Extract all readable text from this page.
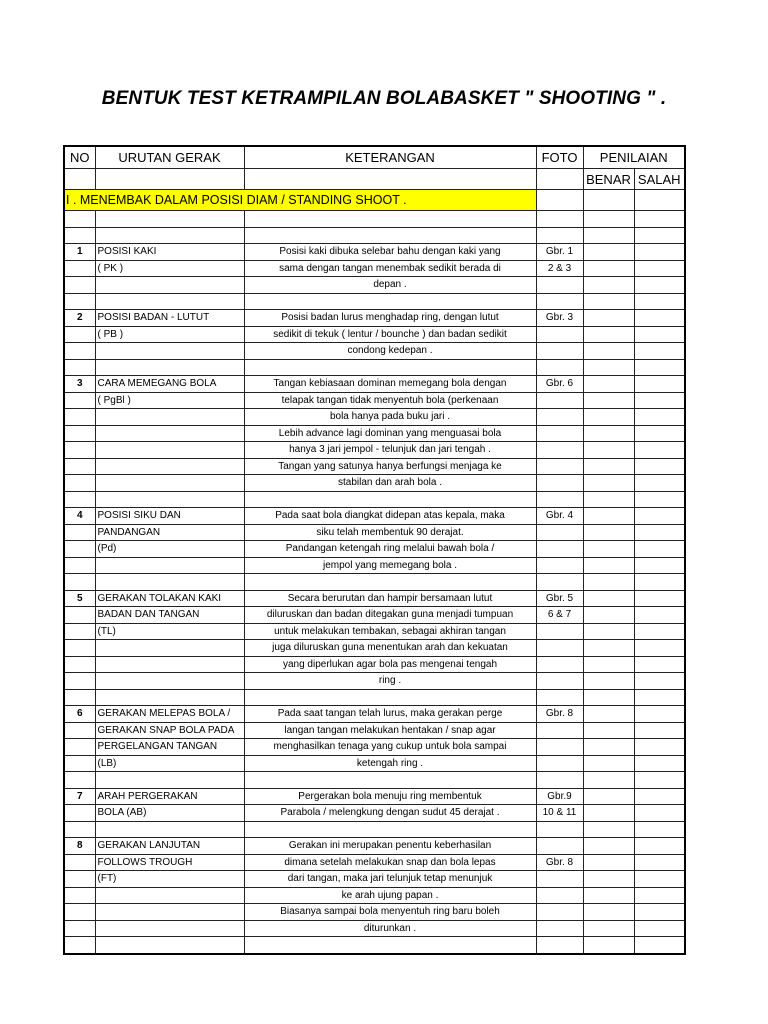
BENTUK TEST KETRAMPILAN BOLABASKET " SHOOTING " .
NO	URUTAN GERAK	KETERANGAN	FOTO	PENILAIAN	
				BENAR	SALAH
I . MENEMBAK DALAM POSISI DIAM / STANDING SHOOT .					

1	POSISI KAKI	Posisi kaki dibuka selebar bahu dengan kaki yang	Gbr. 1		
	( PK )	sama dengan tangan menembak sedikit berada di	2 & 3		
		depan .			

2	POSISI BADAN - LUTUT	Posisi badan lurus menghadap ring, dengan lutut	Gbr. 3		
	( PB )	sedikit di tekuk ( lentur / bounche ) dan badan sedikit			
		condong kedepan .			

3	CARA MEMEGANG BOLA	Tangan kebiasaan dominan memegang bola dengan	Gbr. 6		
	( PgBl )	telapak tangan tidak menyentuh bola (perkenaan			
		bola hanya pada buku jari .			
		Lebih advance lagi dominan yang menguasai bola			
		hanya 3 jari jempol - telunjuk dan jari tengah .			
		Tangan yang satunya hanya berfungsi menjaga ke			
		stabilan dan arah bola .			

4	POSISI SIKU DAN	Pada saat bola diangkat didepan atas kepala, maka	Gbr. 4		
	PANDANGAN	siku telah membentuk 90 derajat.			
	(Pd)	Pandangan ketengah ring melalui bawah bola /			
		jempol yang memegang bola .			

5	GERAKAN TOLAKAN KAKI	Secara berurutan dan hampir bersamaan lutut	Gbr. 5		
	BADAN DAN TANGAN	diluruskan dan badan ditegakan guna menjadi tumpuan	6 & 7		
	(TL)	untuk melakukan tembakan, sebagai akhiran tangan			
		juga diluruskan guna menentukan arah dan kekuatan			
		yang diperlukan agar bola pas mengenai tengah			
		ring .			

6	GERAKAN MELEPAS BOLA /	Pada saat tangan telah lurus, maka gerakan perge	Gbr. 8		
	GERAKAN SNAP BOLA PADA	langan tangan melakukan hentakan / snap agar			
	PERGELANGAN TANGAN	menghasilkan tenaga yang cukup untuk bola sampai			
	(LB)	ketengah ring .			

7	ARAH PERGERAKAN	Pergerakan bola menuju ring membentuk	Gbr.9		
	BOLA (AB)	Parabola / melengkung dengan sudut 45 derajat .	10 & 11		

8	GERAKAN LANJUTAN	Gerakan ini merupakan penentu keberhasilan			
	FOLLOWS TROUGH	dimana setelah melakukan snap dan bola lepas	Gbr. 8		
	(FT)	dari tangan, maka jari telunjuk tetap menunjuk			
		ke arah ujung papan .			
		Biasanya sampai bola menyentuh ring baru boleh			
		diturunkan .			
